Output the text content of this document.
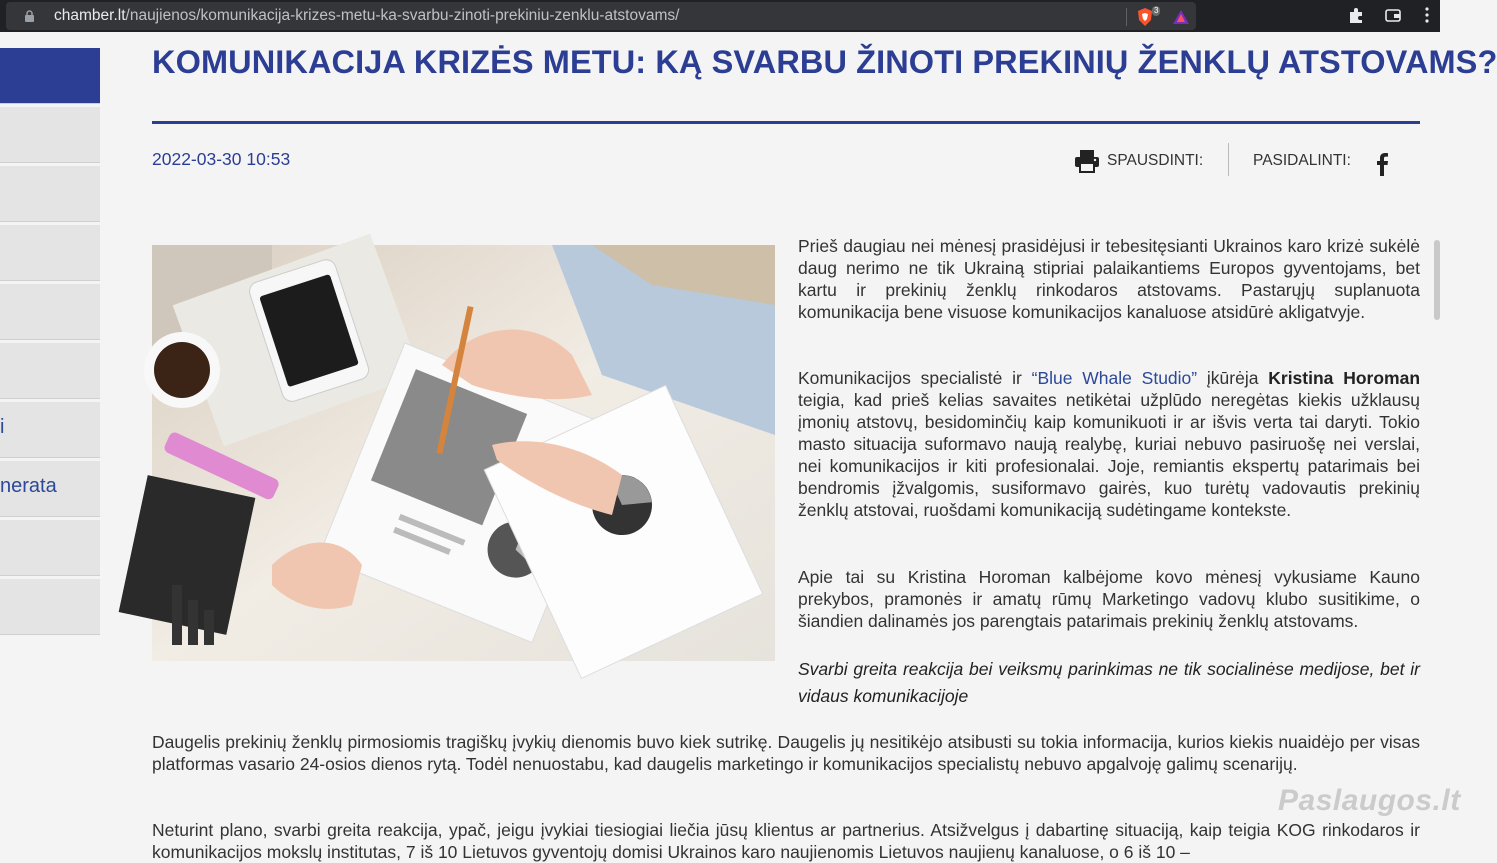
chamber.lt/naujienos/komunikacija-krizes-metu-ka-svarbu-zinoti-prekiniu-zenklu-atstovams/	3
i
nerata
KOMUNIKACIJA KRIZĖS METU: KĄ SVARBU ŽINOTI PREKINIŲ ŽENKLŲ ATSTOVAMS?
2022-03-30 10:53	SPAUSDINTI:	PASIDALINTI:

Prieš daugiau nei mėnesį prasidėjusi ir tebesitęsianti Ukrainos karo krizė sukėlė daug nerimo ne tik Ukrainą stipriai palaikantiems Europos gyventojams, bet kartu ir prekinių ženklų rinkodaros atstovams. Pastarųjų suplanuota komunikacija bene visuose komunikacijos kanaluose atsidūrė akligatvyje.

Komunikacijos specialistė ir “Blue Whale Studio” įkūrėja Kristina Horoman teigia, kad prieš kelias savaites netikėtai užplūdo neregėtas kiekis užklausų įmonių atstovų, besidominčių kaip komunikuoti ir ar išvis verta tai daryti. Tokio masto situacija suformavo naują realybę, kuriai nebuvo pasiruošę nei verslai, nei komunikacijos ir kiti profesionalai. Joje, remiantis ekspertų patarimais bei bendromis įžvalgomis, susiformavo gairės, kuo turėtų vadovautis prekinių ženklų atstovai, ruošdami komunikaciją sudėtingame kontekste.

Apie tai su Kristina Horoman kalbėjome kovo mėnesį vykusiame Kauno prekybos, pramonės ir amatų rūmų Marketingo vadovų klubo susitikime, o šiandien dalinamės jos parengtais patarimais prekinių ženklų atstovams.

Svarbi greita reakcija bei veiksmų parinkimas ne tik socialinėse medijose, bet ir vidaus komunikacijoje

Daugelis prekinių ženklų pirmosiomis tragiškų įvykių dienomis buvo kiek sutrikę. Daugelis jų nesitikėjo atsibusti su tokia informacija, kurios kiekis nuaidėjo per visas platformas vasario 24-osios dienos rytą. Todėl nenuostabu, kad daugelis marketingo ir komunikacijos specialistų nebuvo apgalvoję galimų scenarijų.

Neturint plano, svarbi greita reakcija, ypač, jeigu įvykiai tiesiogiai liečia jūsų klientus ar partnerius. Atsižvelgus į dabartinę situaciją, kaip teigia KOG rinkodaros ir komunikacijos mokslų institutas, 7 iš 10 Lietuvos gyventojų domisi Ukrainos karo naujienomis Lietuvos naujienų kanaluose, o 6 iš 10 –

Paslaugos.lt
